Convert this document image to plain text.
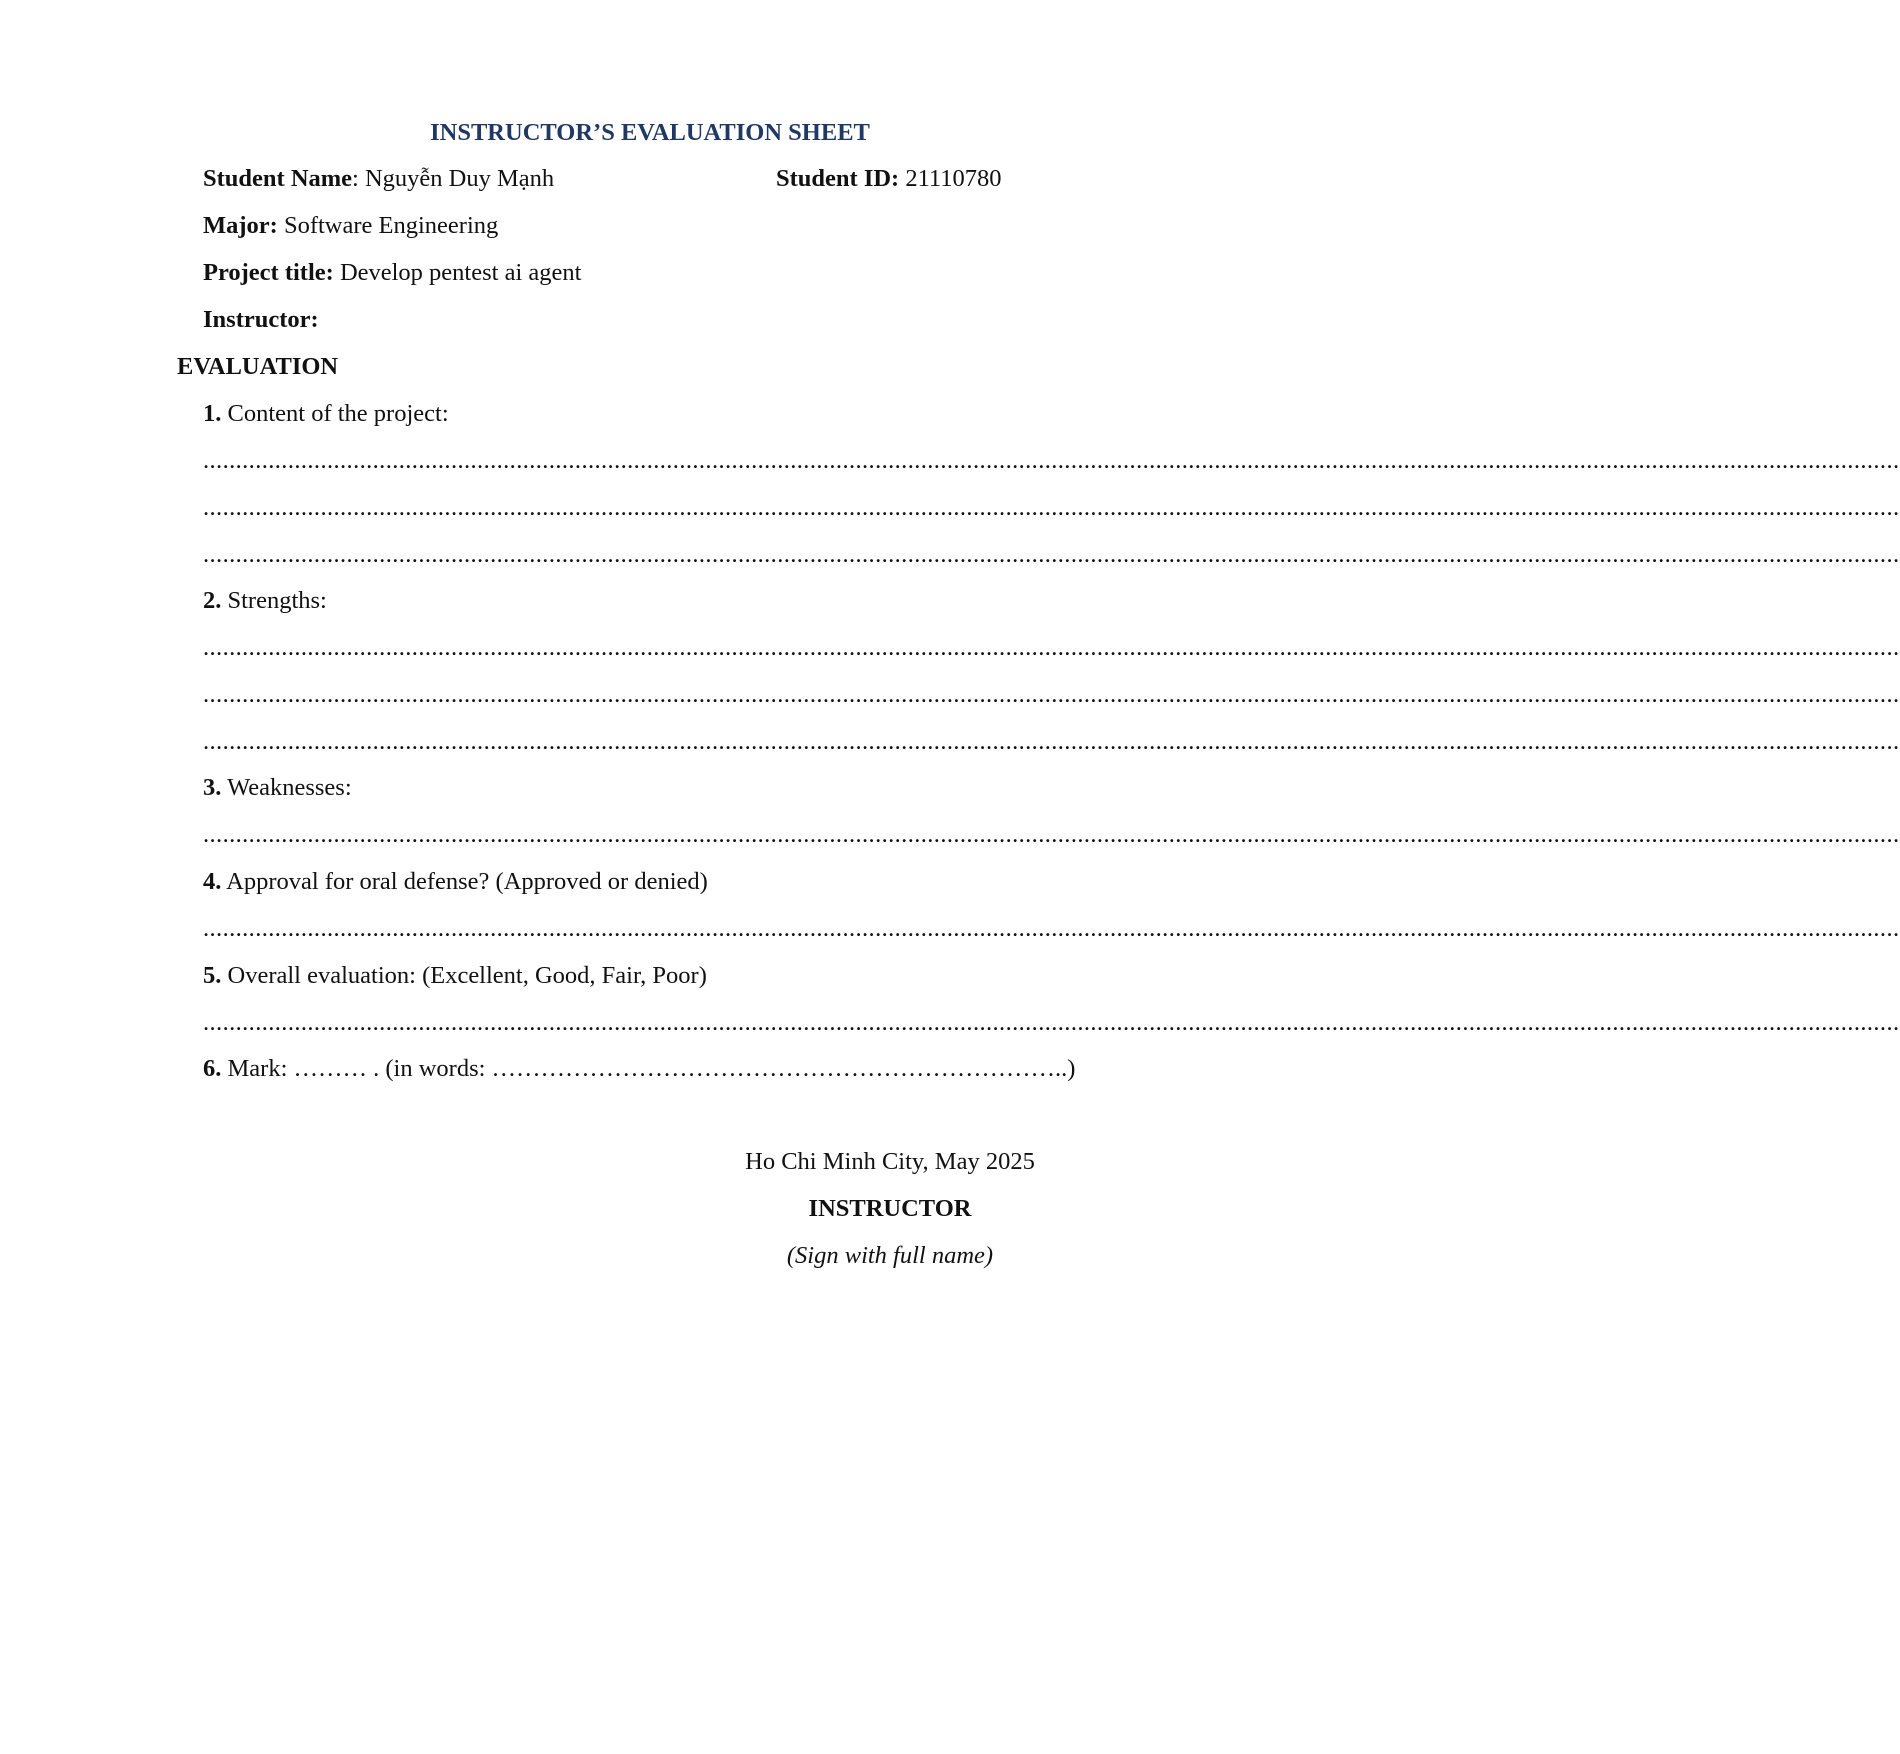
INSTRUCTOR’S EVALUATION SHEET
Student Name: Nguyễn Duy Mạnh	Student ID: 21110780
Major: Software Engineering
Project title: Develop pentest ai agent
Instructor:
EVALUATION
1. Content of the project:
....................................................................................................................................................................................................................................................................
....................................................................................................................................................................................................................................................................
....................................................................................................................................................................................................................................................................
2. Strengths:
....................................................................................................................................................................................................................................................................
....................................................................................................................................................................................................................................................................
....................................................................................................................................................................................................................................................................
3. Weaknesses:
....................................................................................................................................................................................................................................................................
4. Approval for oral defense? (Approved or denied)
....................................................................................................................................................................................................................................................................
5. Overall evaluation: (Excellent, Good, Fair, Poor)
....................................................................................................................................................................................................................................................................
6. Mark: ……… . (in words: ……………………………………………………………..)
Ho Chi Minh City, May 2025
INSTRUCTOR
(Sign with full name)
